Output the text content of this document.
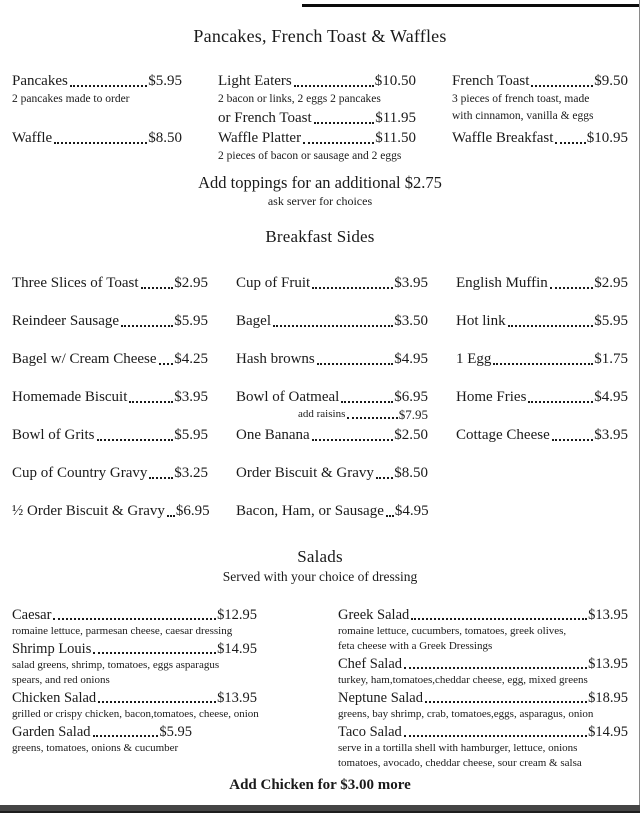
Pancakes, French Toast & Waffles
Pancakes	$5.95
2 pancakes made to order
Waffle	$8.50
Light Eaters	$10.50
2 bacon or links, 2 eggs 2 pancakes
or French Toast	$11.95
Waffle Platter	$11.50
2 pieces of bacon or sausage and 2 eggs
French Toast	$9.50
3 pieces of french toast, made
with cinnamon, vanilla & eggs
Waffle Breakfast $10.95
Add toppings for an additional $2.75
ask server for choices
Breakfast Sides
Three Slices of Toast $2.95
Reindeer Sausage	$5.95
Bagel w/ Cream Cheese $4.25
Homemade Biscuit	$3.95
Bowl of Grits	$5.95
Cup of Country Gravy $3.25
½ Order Biscuit & Gravy $6.95
Cup of Fruit	$3.95
Bagel	$3.50
Hash browns	$4.95
Bowl of Oatmeal	$6.95
add raisins	$7.95
One Banana	$2.50
Order Biscuit & Gravy $8.50
Bacon, Ham, or Sausage $4.95
English Muffin	$2.95
Hot link	$5.95
1 Egg	$1.75
Home Fries	$4.95
Cottage Cheese	$3.95
Salads
Served with your choice of dressing
Caesar	$12.95
romaine lettuce, parmesan cheese, caesar dressing
Shrimp Louis	$14.95
salad greens, shrimp, tomatoes, eggs asparagus
spears, and red onions
Chicken Salad	$13.95
grilled or crispy chicken, bacon,tomatoes, cheese, onion
Garden Salad	$5.95
greens, tomatoes, onions & cucumber
Greek Salad	$13.95
romaine lettuce, cucumbers, tomatoes, greek olives,
feta cheese with a Greek Dressings
Chef Salad	$13.95
turkey, ham,tomatoes,cheddar cheese, egg, mixed greens
Neptune Salad	$18.95
greens, bay shrimp, crab, tomatoes,eggs, asparagus, onion
Taco Salad	$14.95
serve in a tortilla shell with hamburger, lettuce, onions
tomatoes, avocado, cheddar cheese, sour cream & salsa
Add Chicken for $3.00 more
